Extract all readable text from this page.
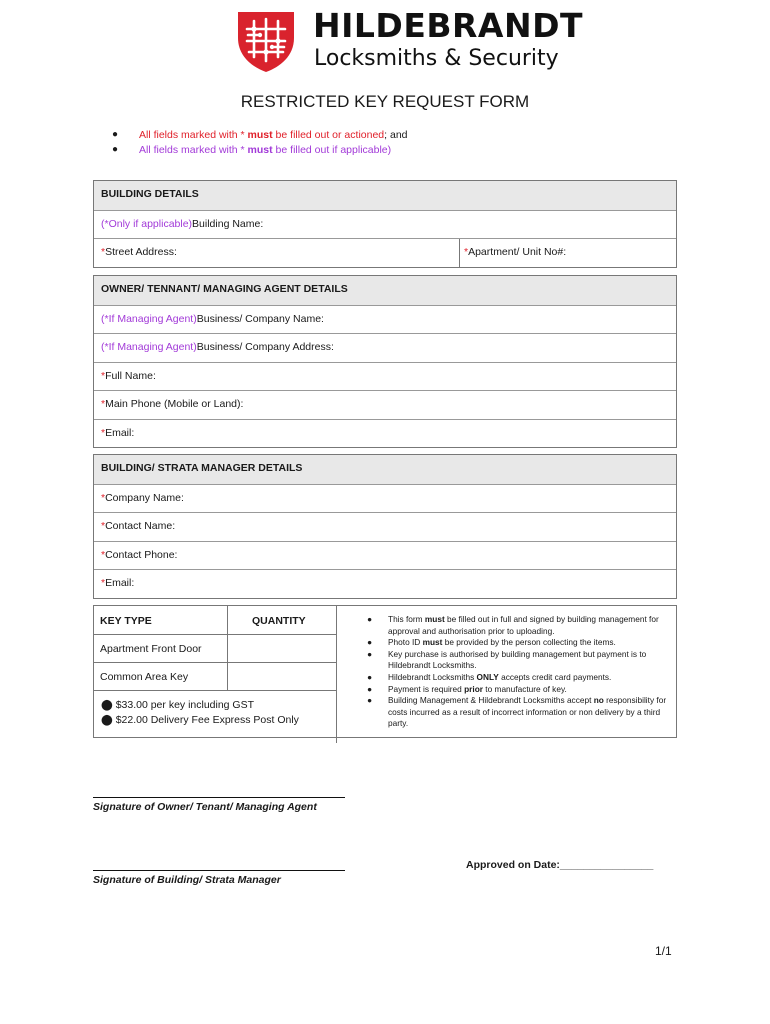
HILDEBRANDT
Locksmiths & Security
RESTRICTED KEY REQUEST FORM
● All fields marked with * must be filled out or actioned; and
● All fields marked with * must be filled out if applicable)
BUILDING DETAILS
(*Only if applicable)Building Name:
*Street Address:	*Apartment/ Unit No#:
OWNER/ TENNANT/ MANAGING AGENT DETAILS
(*If Managing Agent)Business/ Company Name:
(*If Managing Agent)Business/ Company Address:
*Full Name:
*Main Phone (Mobile or Land):
*Email:
BUILDING/ STRATA MANAGER DETAILS
*Company Name:
*Contact Name:
*Contact Phone:
*Email:
KEY TYPE	QUANTITY
Apartment Front Door
Common Area Key
⬤ $33.00 per key including GST
⬤ $22.00 Delivery Fee Express Post Only
● This form must be filled out in full and signed by building management for approval and authorisation prior to uploading.
● Photo ID must be provided by the person collecting the items.
● Key purchase is authorised by building management but payment is to Hildebrandt Locksmiths.
● Hildebrandt Locksmiths ONLY accepts credit card payments.
● Payment is required prior to manufacture of key.
● Building Management & Hildebrandt Locksmiths accept no responsibility for costs incurred as a result of incorrect information or non delivery by a third party.
Signature of Owner/ Tenant/ Managing Agent
Signature of Building/ Strata Manager
Approved on Date:________________
1/1
